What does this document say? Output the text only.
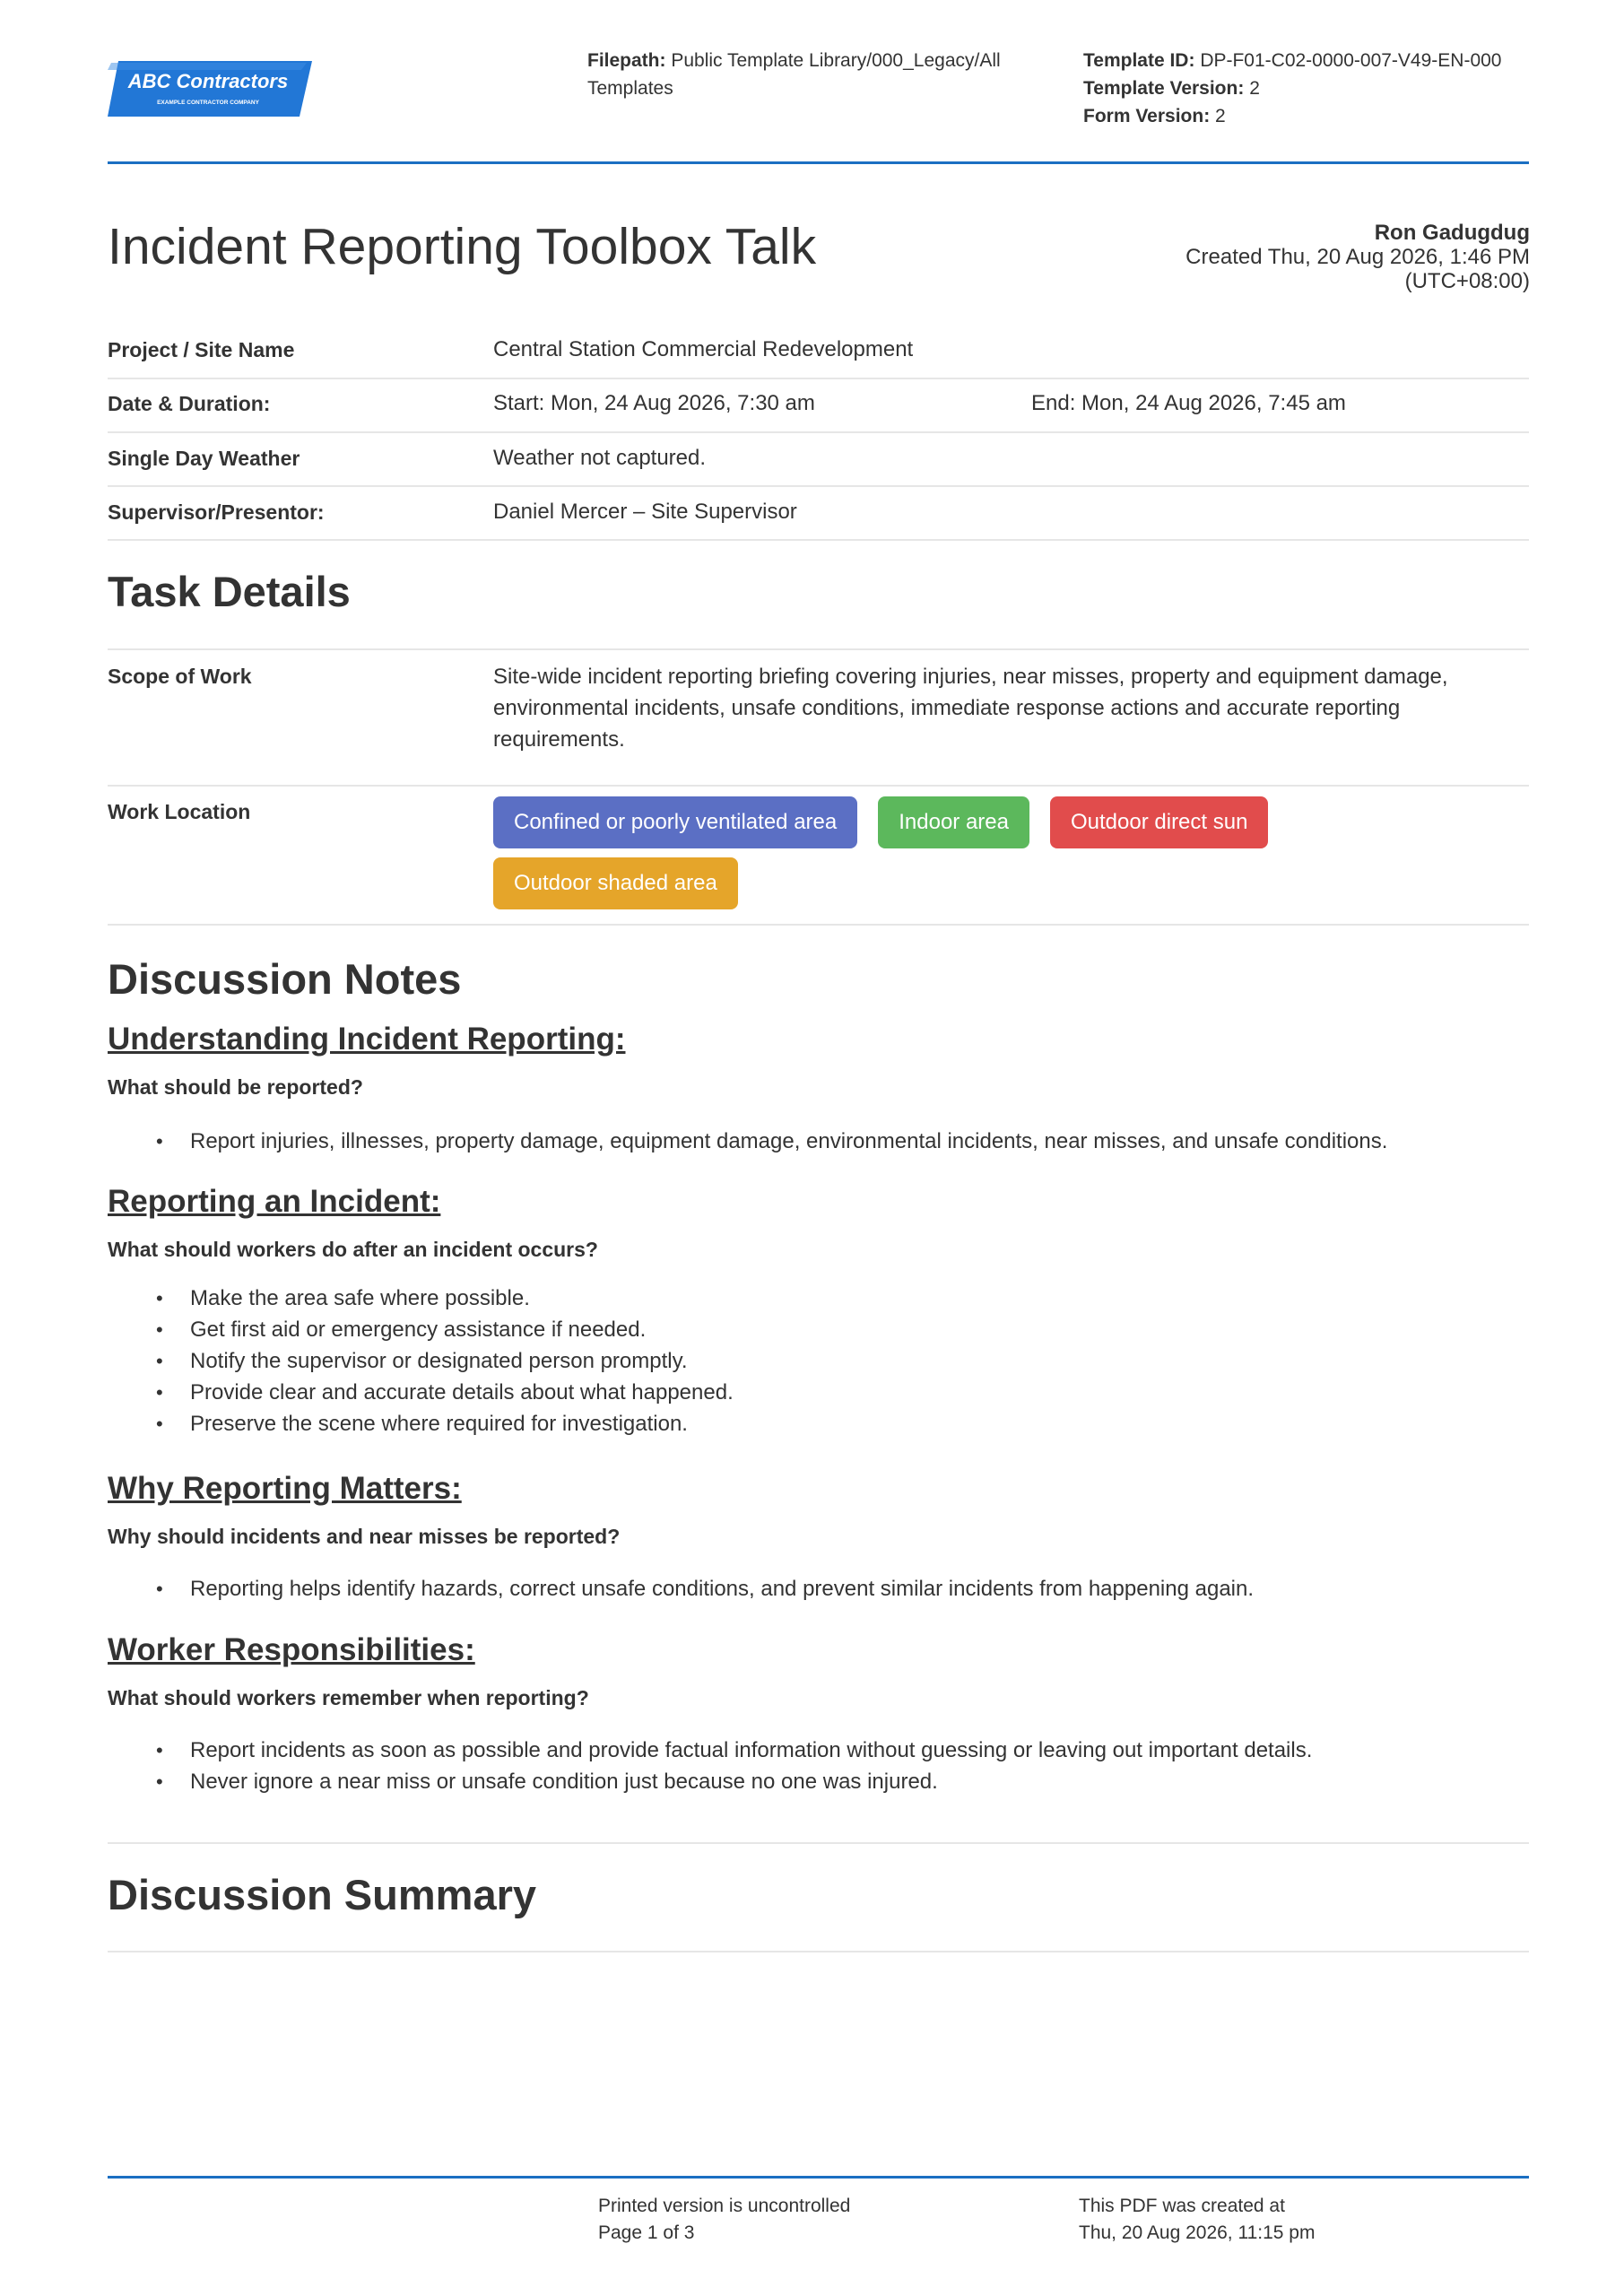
ABC Contractors
EXAMPLE CONTRACTOR COMPANY
Filepath: Public Template Library/000_Legacy/All Templates
Template ID: DP-F01-C02-0000-007-V49-EN-000
Template Version: 2
Form Version: 2
Incident Reporting Toolbox Talk	Ron Gadugdug
Created Thu, 20 Aug 2026, 1:46 PM
(UTC+08:00)
Project / Site Name	Central Station Commercial Redevelopment
Date & Duration:	Start: Mon, 24 Aug 2026, 7:30 am	End: Mon, 24 Aug 2026, 7:45 am
Single Day Weather	Weather not captured.
Supervisor/Presentor:	Daniel Mercer – Site Supervisor
Task Details
Scope of Work	Site-wide incident reporting briefing covering injuries, near misses, property and equipment damage, environmental incidents, unsafe conditions, immediate response actions and accurate reporting requirements.
Work Location	Confined or poorly ventilated area	Indoor area	Outdoor direct sun
Outdoor shaded area
Discussion Notes
Understanding Incident Reporting:
What should be reported?
• Report injuries, illnesses, property damage, equipment damage, environmental incidents, near misses, and unsafe conditions.
Reporting an Incident:
What should workers do after an incident occurs?
• Make the area safe where possible.
• Get first aid or emergency assistance if needed.
• Notify the supervisor or designated person promptly.
• Provide clear and accurate details about what happened.
• Preserve the scene where required for investigation.
Why Reporting Matters:
Why should incidents and near misses be reported?
• Reporting helps identify hazards, correct unsafe conditions, and prevent similar incidents from happening again.
Worker Responsibilities:
What should workers remember when reporting?
• Report incidents as soon as possible and provide factual information without guessing or leaving out important details.
• Never ignore a near miss or unsafe condition just because no one was injured.
Discussion Summary
Printed version is uncontrolled
Page 1 of 3
This PDF was created at
Thu, 20 Aug 2026, 11:15 pm
